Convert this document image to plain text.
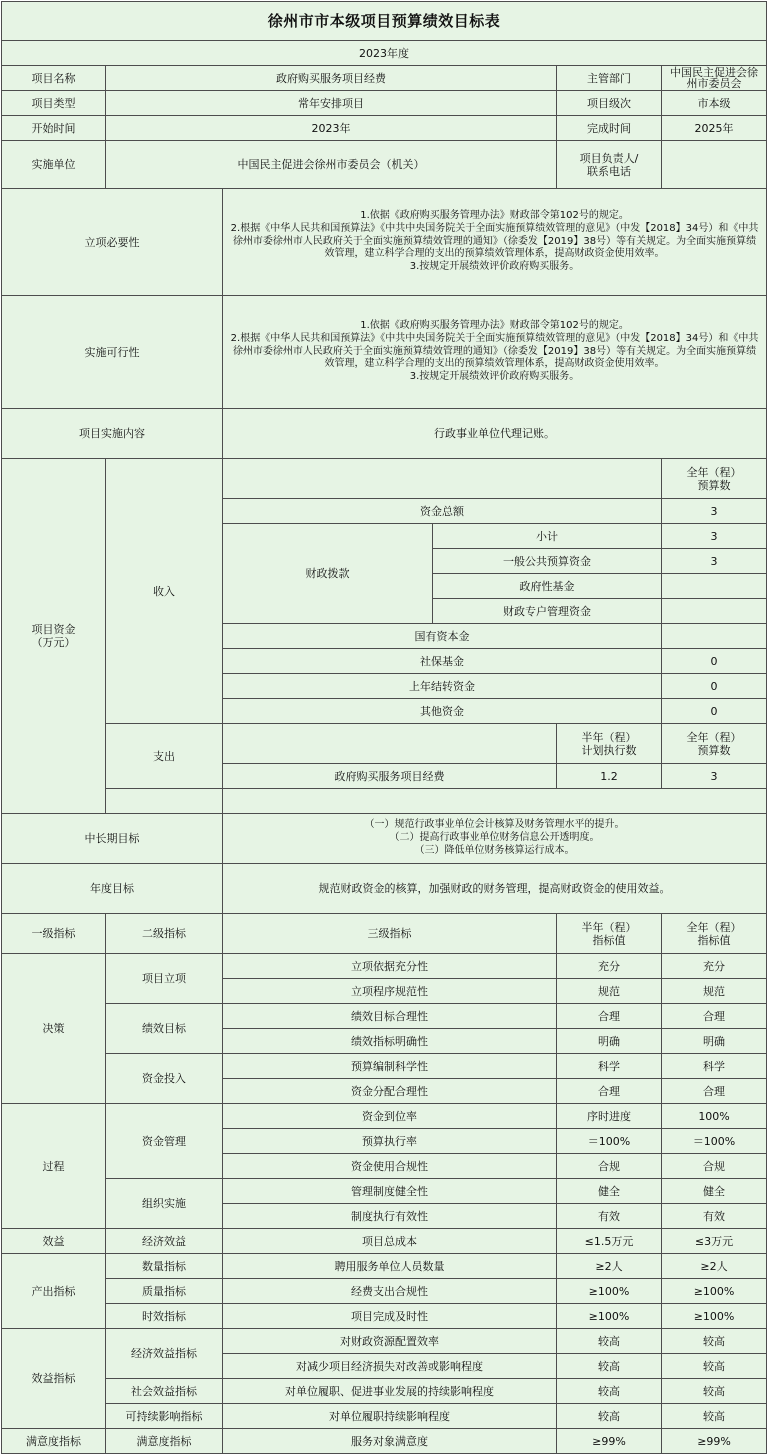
徐州市市本级项目预算绩效目标表					
2023年度					
项目名称	政府购买服务项目经费			主管部门	中国民主促进会徐州市委员会
项目类型	常年安排项目			项目级次	市本级
开始时间	2023年			完成时间	2025年
实施单位	中国民主促进会徐州市委员会（机关）			项目负责人/
联系电话	

立项必要性		1.依据《政府购买服务管理办法》财政部令第102号的规定。
2.根据《中华人民共和国预算法》《中共中央国务院关于全面实施预算绩效管理的意见》（中发【2018】34号）和《中共徐州市委徐州市人民政府关于全面实施预算绩效管理的通知》（徐委发【2019】38号）等有关规定。为全面实施预算绩效管理，建立科学合理的支出的预算绩效管理体系，提高财政资金使用效率。
3.按规定开展绩效评价政府购买服务。			

实施可行性		1.依据《政府购买服务管理办法》财政部令第102号的规定。
2.根据《中华人民共和国预算法》《中共中央国务院关于全面实施预算绩效管理的意见》（中发【2018】34号）和《中共徐州市委徐州市人民政府关于全面实施预算绩效管理的通知》（徐委发【2019】38号）等有关规定。为全面实施预算绩效管理，建立科学合理的支出的预算绩效管理体系，提高财政资金使用效率。
3.按规定开展绩效评价政府购买服务。			

项目实施内容		行政事业单位代理记账。			

项目资金
（万元）	收入				全年（程）
预算数

		资金总额			3
		财政拨款	小计		3
			一般公共预算资金		3
			政府性基金		
			财政专户管理资金		
		国有资本金			
		社保基金			0
		上年结转资金			0
		其他资金			0
	支出			半年（程）
计划执行数	全年（程）
预算数

		政府购买服务项目经费		1.2	3

中长期目标		（一）规范行政事业单位会计核算及财务管理水平的提升。
（二）提高行政事业单位财务信息公开透明度。
（三）降低单位财务核算运行成本。			

年度目标		规范财政资金的核算，加强财政的财务管理，提高财政资金的使用效益。			
一级指标	二级指标	三级指标		半年（程）
指标值	全年（程）
指标值

决策	项目立项	立项依据充分性		充分	充分
		立项程序规范性		规范	规范
	绩效目标	绩效目标合理性		合理	合理
		绩效指标明确性		明确	明确
	资金投入	预算编制科学性		科学	科学
		资金分配合理性		合理	合理
过程	资金管理	资金到位率		序时进度	100%
		预算执行率		＝100%	＝100%
		资金使用合规性		合规	合规
	组织实施	管理制度健全性		健全	健全
		制度执行有效性		有效	有效
效益	经济效益	项目总成本		≤1.5万元	≤3万元
产出指标	数量指标	聘用服务单位人员数量		≥2人	≥2人
	质量指标	经费支出合规性		≥100%	≥100%
	时效指标	项目完成及时性		≥100%	≥100%
效益指标	经济效益指标	对财政资源配置效率		较高	较高
		对减少项目经济损失对改善或影响程度		较高	较高
	社会效益指标	对单位履职、促进事业发展的持续影响程度		较高	较高
	可持续影响指标	对单位履职持续影响程度		较高	较高
满意度指标	满意度指标	服务对象满意度		≥99%	≥99%
